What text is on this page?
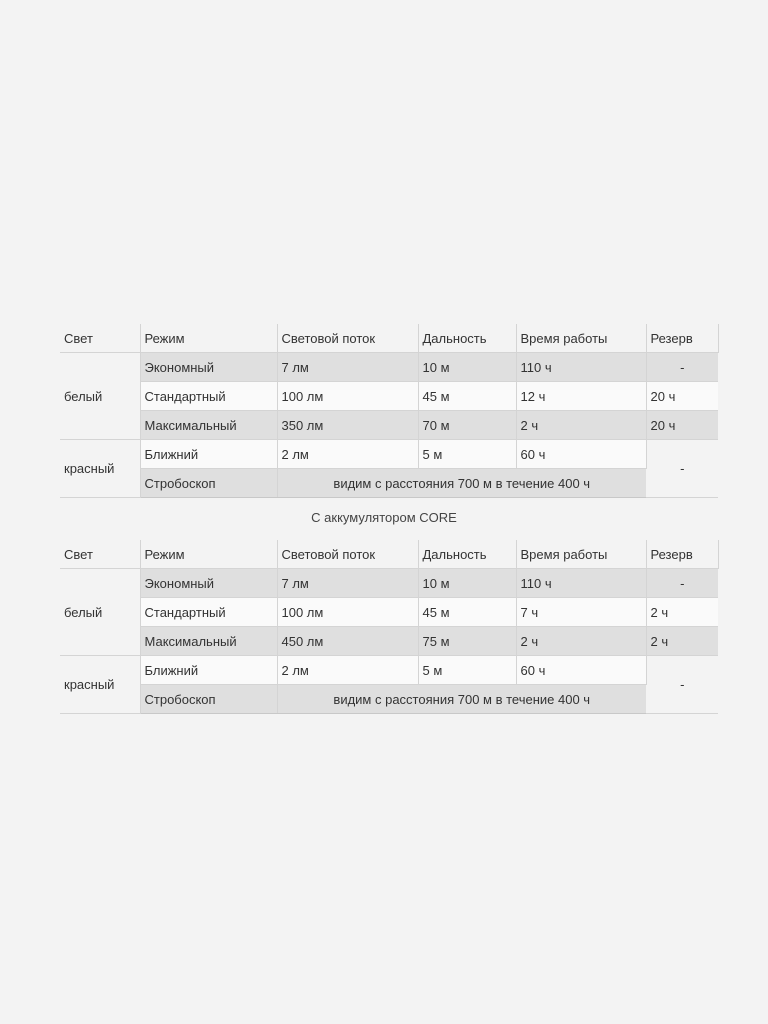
Свет	Режим	Световой поток	Дальность	Время работы	Резерв
белый	Экономный	7 лм	10 м	110 ч	-
	Стандартный	100 лм	45 м	12 ч	20 ч
	Максимальный	350 лм	70 м	2 ч	20 ч
красный	Ближний	2 лм	5 м	60 ч	-
	Стробоскоп	видим с расстояния 700 м в течение 400 ч			
С аккумулятором CORE
Свет	Режим	Световой поток	Дальность	Время работы	Резерв
белый	Экономный	7 лм	10 м	110 ч	-
	Стандартный	100 лм	45 м	7 ч	2 ч
	Максимальный	450 лм	75 м	2 ч	2 ч
красный	Ближний	2 лм	5 м	60 ч	-
	Стробоскоп	видим с расстояния 700 м в течение 400 ч			
